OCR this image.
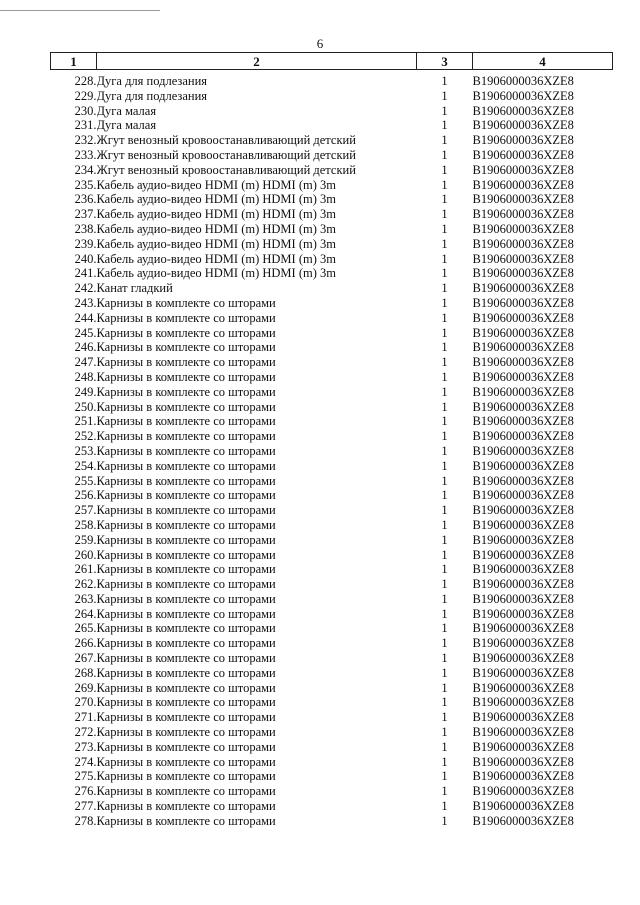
6
1	2	3	4
228.	Дуга для подлезания	1	B1906000036XZE8
229.	Дуга для подлезания	1	B1906000036XZE8
230.	Дуга малая	1	B1906000036XZE8
231.	Дуга малая	1	B1906000036XZE8
232.	Жгут венозный кровоостанавливающий детский	1	B1906000036XZE8
233.	Жгут венозный кровоостанавливающий детский	1	B1906000036XZE8
234.	Жгут венозный кровоостанавливающий детский	1	B1906000036XZE8
235.	Кабель аудио-видео HDMI (m) HDMI (m) 3m	1	B1906000036XZE8
236.	Кабель аудио-видео HDMI (m) HDMI (m) 3m	1	B1906000036XZE8
237.	Кабель аудио-видео HDMI (m) HDMI (m) 3m	1	B1906000036XZE8
238.	Кабель аудио-видео HDMI (m) HDMI (m) 3m	1	B1906000036XZE8
239.	Кабель аудио-видео HDMI (m) HDMI (m) 3m	1	B1906000036XZE8
240.	Кабель аудио-видео HDMI (m) HDMI (m) 3m	1	B1906000036XZE8
241.	Кабель аудио-видео HDMI (m) HDMI (m) 3m	1	B1906000036XZE8
242.	Канат гладкий	1	B1906000036XZE8
243.	Карнизы в комплекте со шторами	1	B1906000036XZE8
244.	Карнизы в комплекте со шторами	1	B1906000036XZE8
245.	Карнизы в комплекте со шторами	1	B1906000036XZE8
246.	Карнизы в комплекте со шторами	1	B1906000036XZE8
247.	Карнизы в комплекте со шторами	1	B1906000036XZE8
248.	Карнизы в комплекте со шторами	1	B1906000036XZE8
249.	Карнизы в комплекте со шторами	1	B1906000036XZE8
250.	Карнизы в комплекте со шторами	1	B1906000036XZE8
251.	Карнизы в комплекте со шторами	1	B1906000036XZE8
252.	Карнизы в комплекте со шторами	1	B1906000036XZE8
253.	Карнизы в комплекте со шторами	1	B1906000036XZE8
254.	Карнизы в комплекте со шторами	1	B1906000036XZE8
255.	Карнизы в комплекте со шторами	1	B1906000036XZE8
256.	Карнизы в комплекте со шторами	1	B1906000036XZE8
257.	Карнизы в комплекте со шторами	1	B1906000036XZE8
258.	Карнизы в комплекте со шторами	1	B1906000036XZE8
259.	Карнизы в комплекте со шторами	1	B1906000036XZE8
260.	Карнизы в комплекте со шторами	1	B1906000036XZE8
261.	Карнизы в комплекте со шторами	1	B1906000036XZE8
262.	Карнизы в комплекте со шторами	1	B1906000036XZE8
263.	Карнизы в комплекте со шторами	1	B1906000036XZE8
264.	Карнизы в комплекте со шторами	1	B1906000036XZE8
265.	Карнизы в комплекте со шторами	1	B1906000036XZE8
266.	Карнизы в комплекте со шторами	1	B1906000036XZE8
267.	Карнизы в комплекте со шторами	1	B1906000036XZE8
268.	Карнизы в комплекте со шторами	1	B1906000036XZE8
269.	Карнизы в комплекте со шторами	1	B1906000036XZE8
270.	Карнизы в комплекте со шторами	1	B1906000036XZE8
271.	Карнизы в комплекте со шторами	1	B1906000036XZE8
272.	Карнизы в комплекте со шторами	1	B1906000036XZE8
273.	Карнизы в комплекте со шторами	1	B1906000036XZE8
274.	Карнизы в комплекте со шторами	1	B1906000036XZE8
275.	Карнизы в комплекте со шторами	1	B1906000036XZE8
276.	Карнизы в комплекте со шторами	1	B1906000036XZE8
277.	Карнизы в комплекте со шторами	1	B1906000036XZE8
278.	Карнизы в комплекте со шторами	1	B1906000036XZE8
